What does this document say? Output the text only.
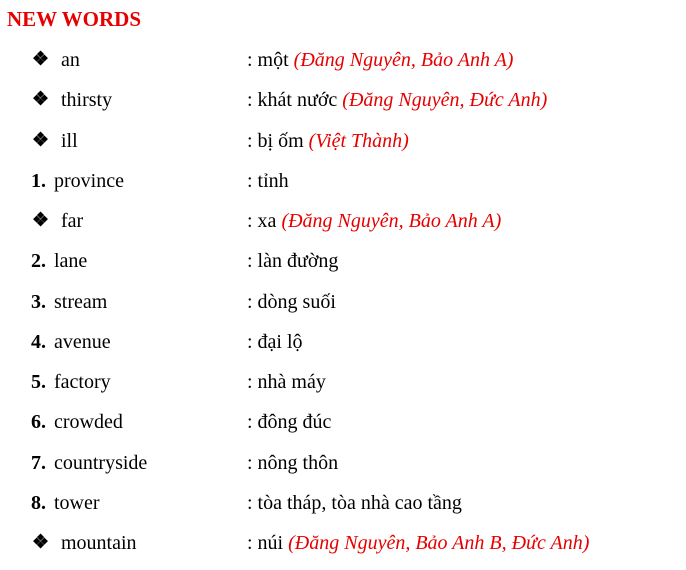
NEW WORDS
❖ an	: một (Đăng Nguyên, Bảo Anh A)
❖ thirsty	: khát nước (Đăng Nguyên, Đức Anh)
❖ ill	: bị ốm (Việt Thành)
1. province	: tỉnh
❖ far	: xa (Đăng Nguyên, Bảo Anh A)
2. lane	: làn đường
3. stream	: dòng suối
4. avenue	: đại lộ
5. factory	: nhà máy
6. crowded	: đông đúc
7. countryside	: nông thôn
8. tower	: tòa tháp, tòa nhà cao tầng
❖ mountain	: núi (Đăng Nguyên, Bảo Anh B, Đức Anh)
